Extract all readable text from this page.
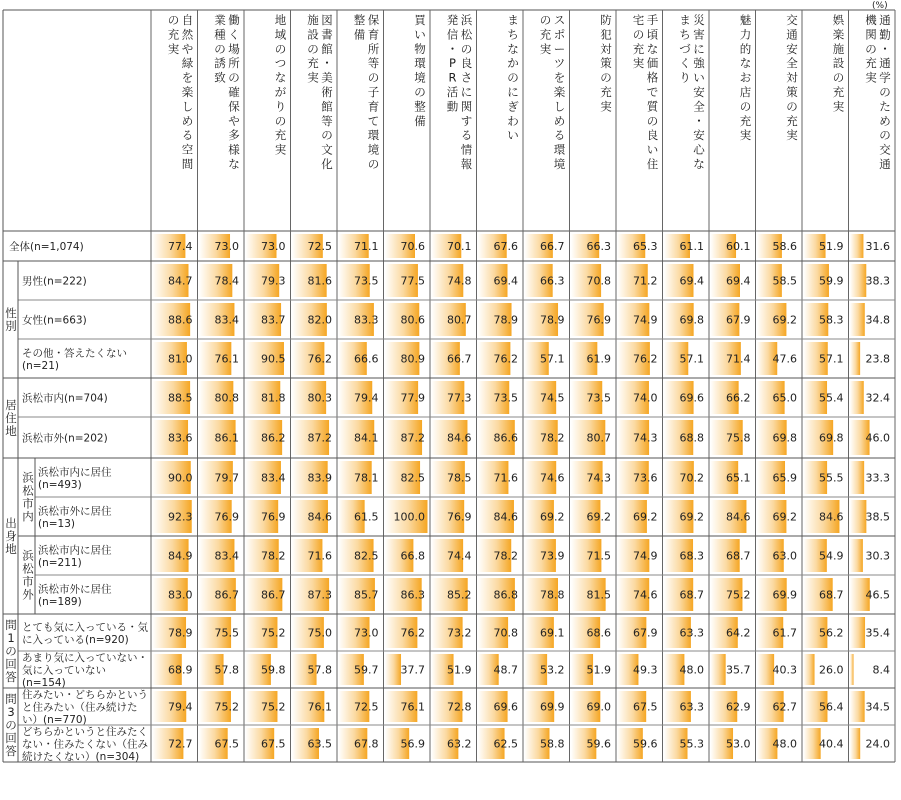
(%)
自然や緑を楽しめる空間
の充実
働く場所の確保や多様な
業種の誘致
地域のつながりの充実
図書館・美術館等の文化
施設の充実
保育所等の子育て環境の
整備
買い物環境の整備
浜松の良さに関する情報
発信・ P R 活動
まちなかのにぎわい
スポーツを楽しめる環境
の充実
防犯対策の充実
手頃な価格で質の良い住
宅の充実
災害に強い安全・安心な
まちづくり
魅力的なお店の充実
交通安全対策の充実
娯楽施設の充実
通勤・通学のための交通
機関の充実
77.4 73.0 73.0 72.5 71.1 70.6 70.1 67.6 66.7 66.3 65.3 61.1 60.1 58.6 51.9 31.6
全体(n=1,074)
84.7 78.4 79.3 81.6 73.5 77.5 74.8 69.4 66.3 70.8 71.2 69.4 69.4 58.5 59.9 38.3
男性(n=222)
88.6 83.4 83.7 82.0 83.3 80.6 80.7 78.9 78.9 76.9 74.9 69.8 67.9 69.2 58.3 34.8
女性(n=663)
81.0 76.1 90.5 76.2 66.6 80.9 66.7 76.2 57.1 61.9 76.2 57.1 71.4 47.6 57.1 23.8
その他・答えたくない
(n=21)
88.5 80.8 81.8 80.3 79.4 77.9 77.3 73.5 74.5 73.5 74.0 69.6 66.2 65.0 55.4 32.4
浜松市内(n=704)
83.6 86.1 86.2 87.2 84.1 87.2 84.6 86.6 78.2 80.7 74.3 68.8 75.8 69.8 69.8 46.0
浜松市外(n=202)
90.0 79.7 83.4 83.9 78.1 82.5 78.5 71.6 74.6 74.3 73.6 70.2 65.1 65.9 55.5 33.3
浜松市内に居住
(n=493)
92.3 76.9 76.9 84.6 61.5 100.0 76.9 84.6 69.2 69.2 69.2 69.2 84.6 69.2 84.6 38.5
浜松市外に居住
(n=13)
84.9 83.4 78.2 71.6 82.5 66.8 74.4 78.2 73.9 71.5 74.9 68.3 68.7 63.0 54.9 30.3
浜松市内に居住
(n=211)
83.0 86.7 86.7 87.3 85.7 86.3 85.2 86.8 78.8 81.5 74.6 68.7 75.2 69.9 68.7 46.5
浜松市外に居住
(n=189)
78.9 75.5 75.2 75.0 73.0 76.2 73.2 70.8 69.1 68.6 67.9 63.3 64.2 61.7 56.2 35.4
とても気に入っている・気
に入っている(n=920)
68.9 57.8 59.8 57.8 59.7 37.7 51.9 48.7 53.2 51.9 49.3 48.0 35.7 40.3 26.0	8.4
あまり気に入っていない・
気に入っていない
(n=154)
79.4 75.2 75.2 76.1 72.5 76.1 72.8 69.6 69.9 69.0 67.5 63.3 62.9 62.7 56.4 34.5
住みたい・どちらかという
と住みたい（住み続けた
い）(n=770)
72.7 67.5 67.5 63.5 67.8 56.9 63.2 62.5 58.8 59.6 59.6 55.3 53.0 48.0 40.4 24.0
どちらかというと住みたく
ない・住みたくない（住み
続けたくない）(n=304)
性別
居住地
出身地
浜松市内
浜松市外
問 1 の回答
問 3 の回答
